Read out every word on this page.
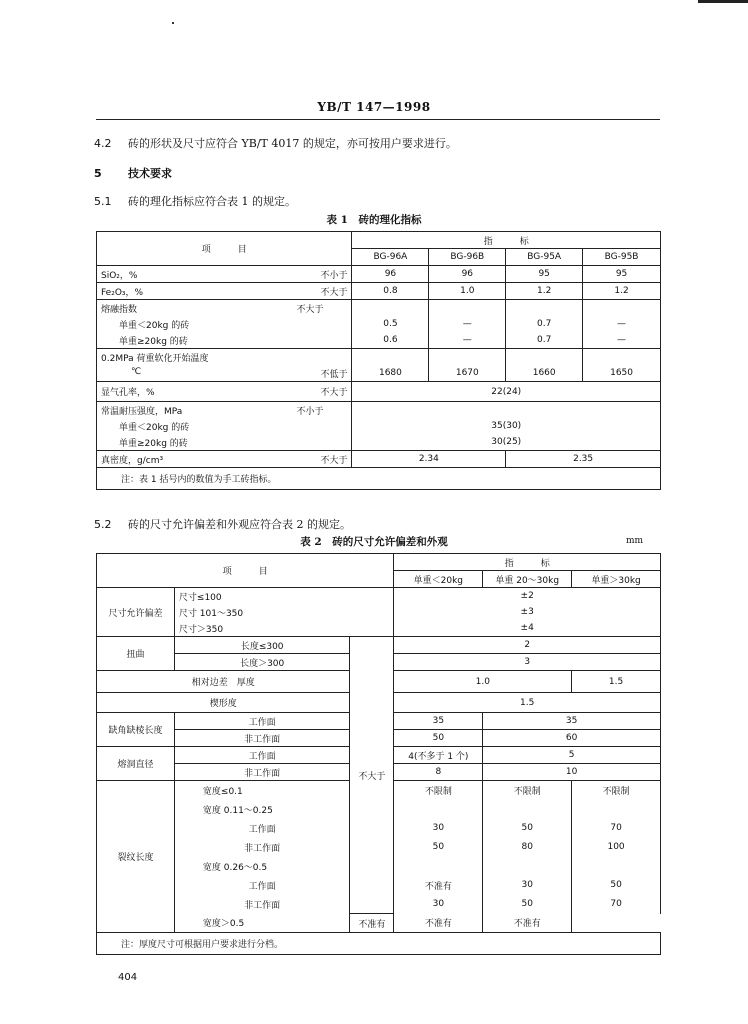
YB/T 147—1998
4.2 砖的形状及尺寸应符合 YB/T 4017 的规定，亦可按用户要求进行。
5 技术要求
5.1 砖的理化指标应符合表 1 的规定。
表 1　砖的理化指标
项　　　目	指　　　标			
	BG-96A	BG-96B	BG-95A	BG-95B
SiO₂，% 不小于	96	96	95	95
Fe₂O₃，% 不大于	0.8	1.0	1.2	1.2
熔融指数 不大于				

单重＜20kg 的砖	0.5	—	0.7	—
单重≥20kg 的砖	0.6	—	0.7	—
0.2MPa 荷重软化开始温度				
℃ 不低于	1680	1670	1660	1650
显气孔率，% 不大于	22(24)			
常温耐压强度，MPa 不小于				

单重＜20kg 的砖	35(30)			
单重≥20kg 的砖	30(25)			
真密度，g/cm³ 不大于	2.34		2.35	
注：表 1 括号内的数值为手工砖指标。				
5.2 砖的尺寸允许偏差和外观应符合表 2 的规定。
表 2　砖的尺寸允许偏差和外观	mm
项　　　目			指　　　标		
			单重＜20kg	单重 20～30kg	单重＞30kg
尺寸允许偏差	尺寸≤100		±2		
	尺寸 101～350		±3		
	尺寸＞350		±4		
扭曲	长度≤300	不大于	2		
	长度＞300		3		
相对边差　厚度			1.0		1.5
楔形度			1.5		
缺角缺棱长度	工作面		35	35	
	非工作面		50	60	
熔洞直径	工作面		4(不多于 1 个)	5	
	非工作面		8	10	
裂纹长度	宽度≤0.1		不限制	不限制	不限制
	宽度 0.11～0.25				
	工作面		30	50	70
	非工作面		50	80	100
	宽度 0.26～0.5				
	工作面		不准有	30	50
	非工作面		30	50	70
	宽度＞0.5	不准有	不准有	不准有	
注：厚度尺寸可根据用户要求进行分档。					
404
